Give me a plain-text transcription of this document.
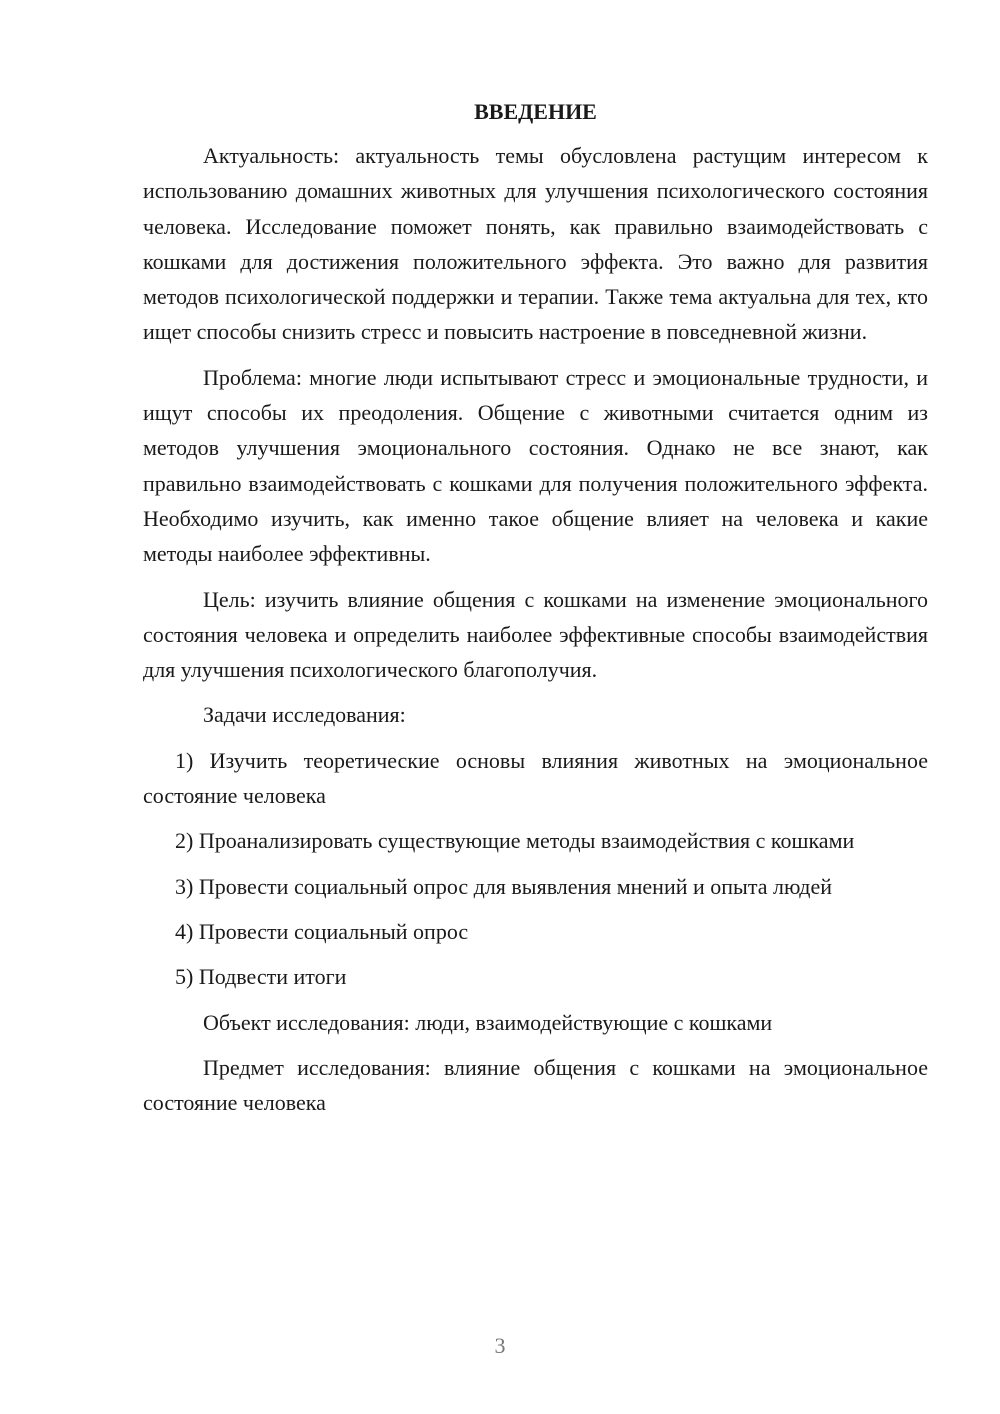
ВВЕДЕНИЕ

Актуальность: актуальность темы обусловлена растущим интересом к использованию домашних животных для улучшения психологического состояния человека. Исследование поможет понять, как правильно взаимодействовать с кошками для достижения положительного эффекта. Это важно для развития методов психологической поддержки и терапии. Также тема актуальна для тех, кто ищет способы снизить стресс и повысить настроение в повседневной жизни.

Проблема: многие люди испытывают стресс и эмоциональные трудности, и ищут способы их преодоления. Общение с животными считается одним из методов улучшения эмоционального состояния. Однако не все знают, как правильно взаимодействовать с кошками для получения положительного эффекта. Необходимо изучить, как именно такое общение влияет на человека и какие методы наиболее эффективны.

Цель: изучить влияние общения с кошками на изменение эмоционального состояния человека и определить наиболее эффективные способы взаимодействия для улучшения психологического благополучия.

Задачи исследования:

1) Изучить теоретические основы влияния животных на эмоциональное состояние человека

2) Проанализировать существующие методы взаимодействия с кошками

3) Провести социальный опрос для выявления мнений и опыта людей

4) Провести социальный опрос

5) Подвести итоги

Объект исследования: люди, взаимодействующие с кошками

Предмет исследования: влияние общения с кошками на эмоциональное состояние человека

3
